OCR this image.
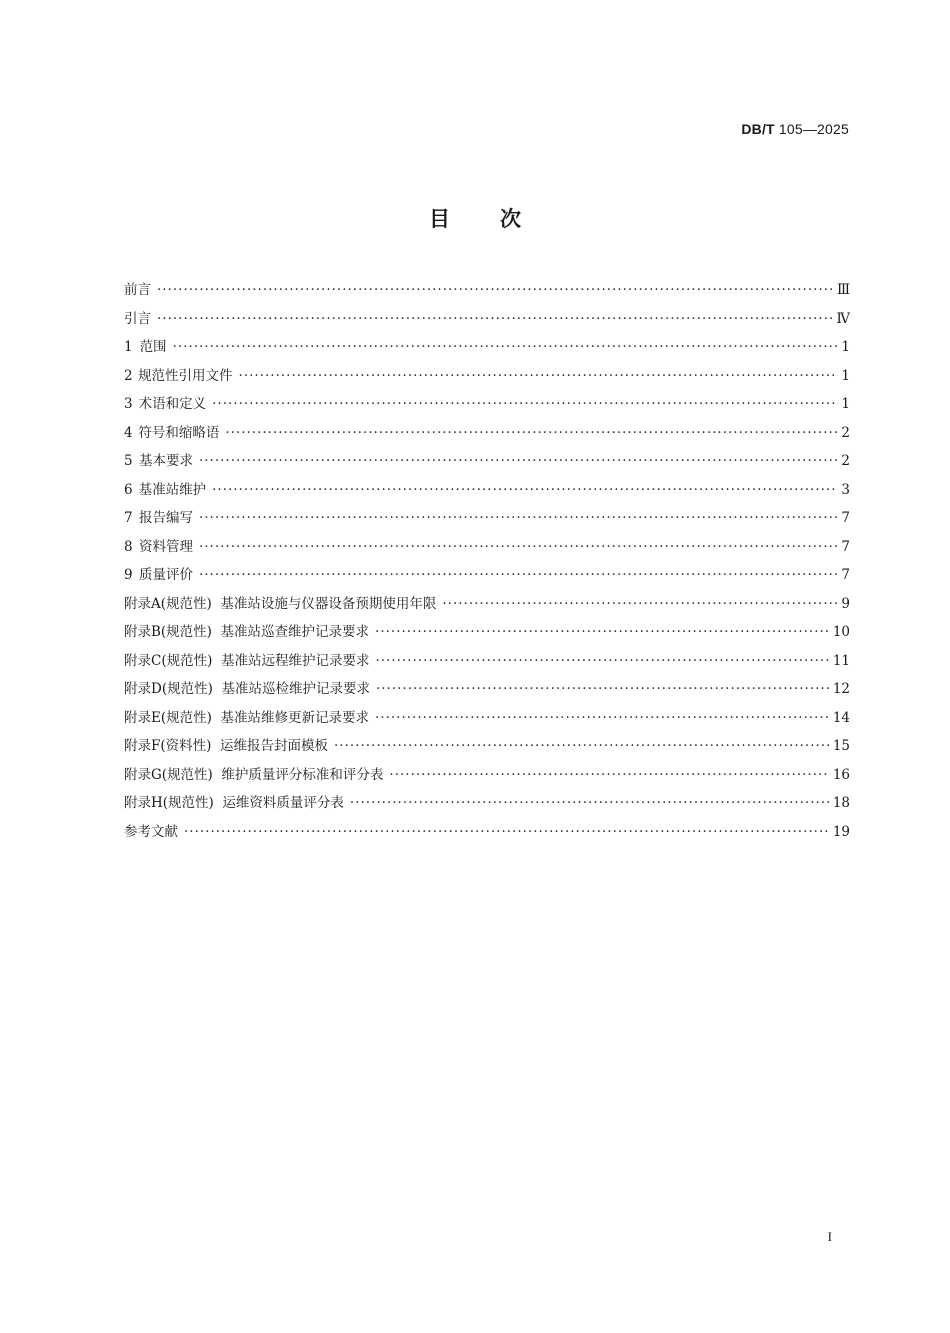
DB/T 105—2025
目 次
前言 ·····	Ⅲ
引言 ·····	Ⅳ
1 范围 ·····	1
2 规范性引用文件 ·····	1
3 术语和定义 ·····	1
4 符号和缩略语 ·····	2
5 基本要求 ·····	2
6 基准站维护 ·····	3
7 报告编写 ·····	7
8 资料管理 ·····	7
9 质量评价 ·····	7
附录A(规范性)  基准站设施与仪器设备预期使用年限 ·····	9
附录B(规范性)  基准站巡查维护记录要求 ·····	10
附录C(规范性)  基准站远程维护记录要求 ·····	11
附录D(规范性)  基准站巡检维护记录要求 ·····	12
附录E(规范性)  基准站维修更新记录要求 ·····	14
附录F(资料性)  运维报告封面模板 ·····	15
附录G(规范性)  维护质量评分标准和评分表 ·····	16
附录H(规范性)  运维资料质量评分表 ·····	18
参考文献 ·····	19
I
